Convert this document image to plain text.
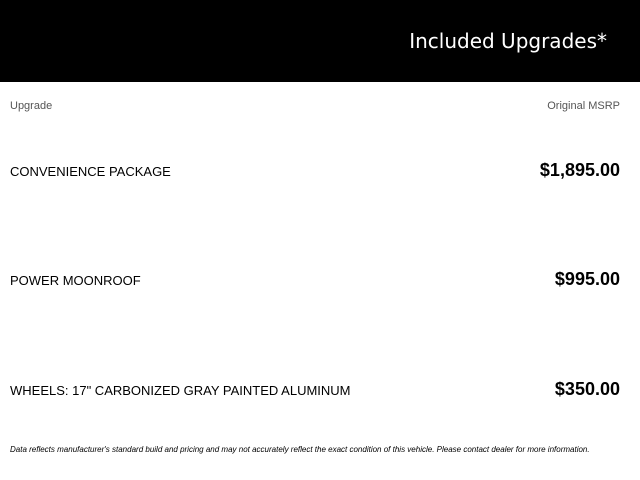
Included Upgrades*
Upgrade	Original MSRP
CONVENIENCE PACKAGE	$1,895.00
POWER MOONROOF	$995.00
WHEELS: 17" CARBONIZED GRAY PAINTED ALUMINUM	$350.00
Data reflects manufacturer's standard build and pricing and may not accurately reflect the exact condition of this vehicle. Please contact dealer for more information.
